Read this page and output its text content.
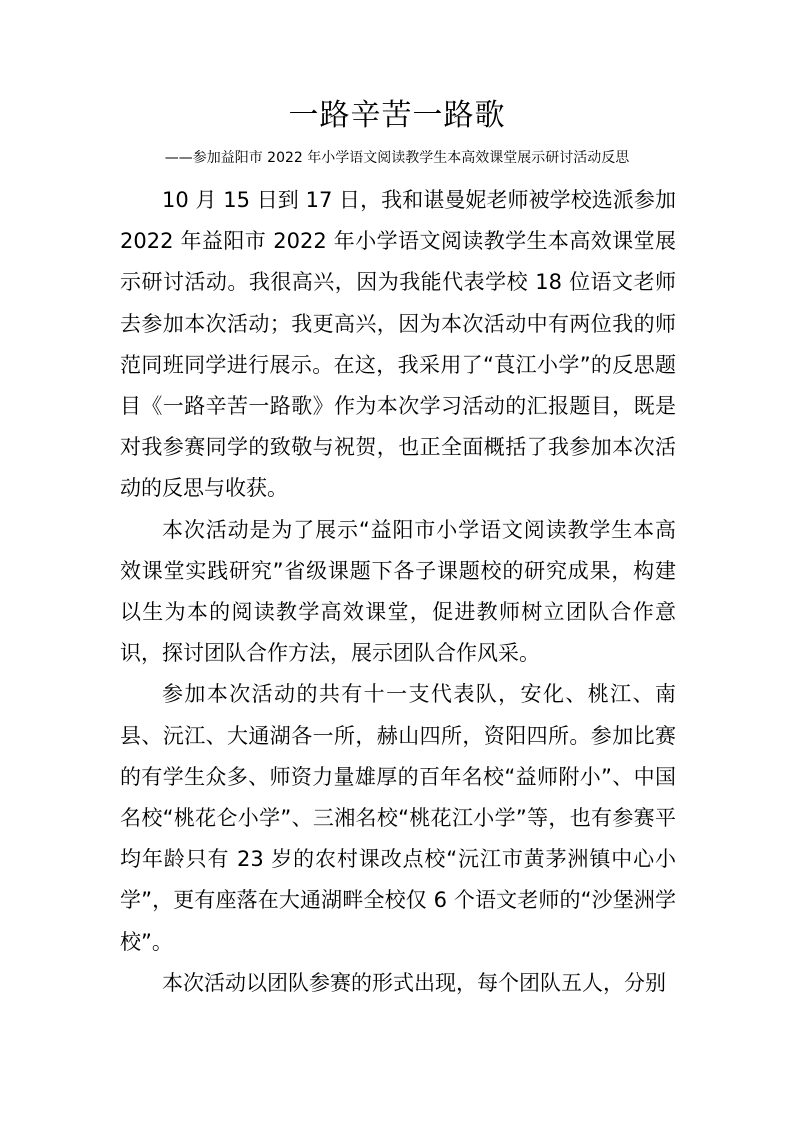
一路辛苦一路歌
——参加益阳市 2022 年小学语文阅读教学生本高效课堂展示研讨活动反思

10 月 15 日到 17 日，我和谌曼妮老师被学校选派参加 2022 年益阳市 2022 年小学语文阅读教学生本高效课堂展示研讨活动。我很高兴，因为我能代表学校 18 位语文老师去参加本次活动；我更高兴，因为本次活动中有两位我的师范同班同学进行展示。在这，我采用了“茛江小学”的反思题目《一路辛苦一路歌》作为本次学习活动的汇报题目，既是对我参赛同学的致敬与祝贺，也正全面概括了我参加本次活动的反思与收获。

本次活动是为了展示“益阳市小学语文阅读教学生本高效课堂实践研究”省级课题下各子课题校的研究成果，构建以生为本的阅读教学高效课堂，促进教师树立团队合作意识，探讨团队合作方法，展示团队合作风采。

参加本次活动的共有十一支代表队，安化、桃江、南县、沅江、大通湖各一所，赫山四所，资阳四所。参加比赛的有学生众多、师资力量雄厚的百年名校“益师附小”、中国名校“桃花仑小学”、三湘名校“桃花江小学”等，也有参赛平均年龄只有 23 岁的农村课改点校“沅江市黄茅洲镇中心小学”，更有座落在大通湖畔全校仅 6 个语文老师的“沙堡洲学校”。

本次活动以团队参赛的形式出现，每个团队五人，分别
